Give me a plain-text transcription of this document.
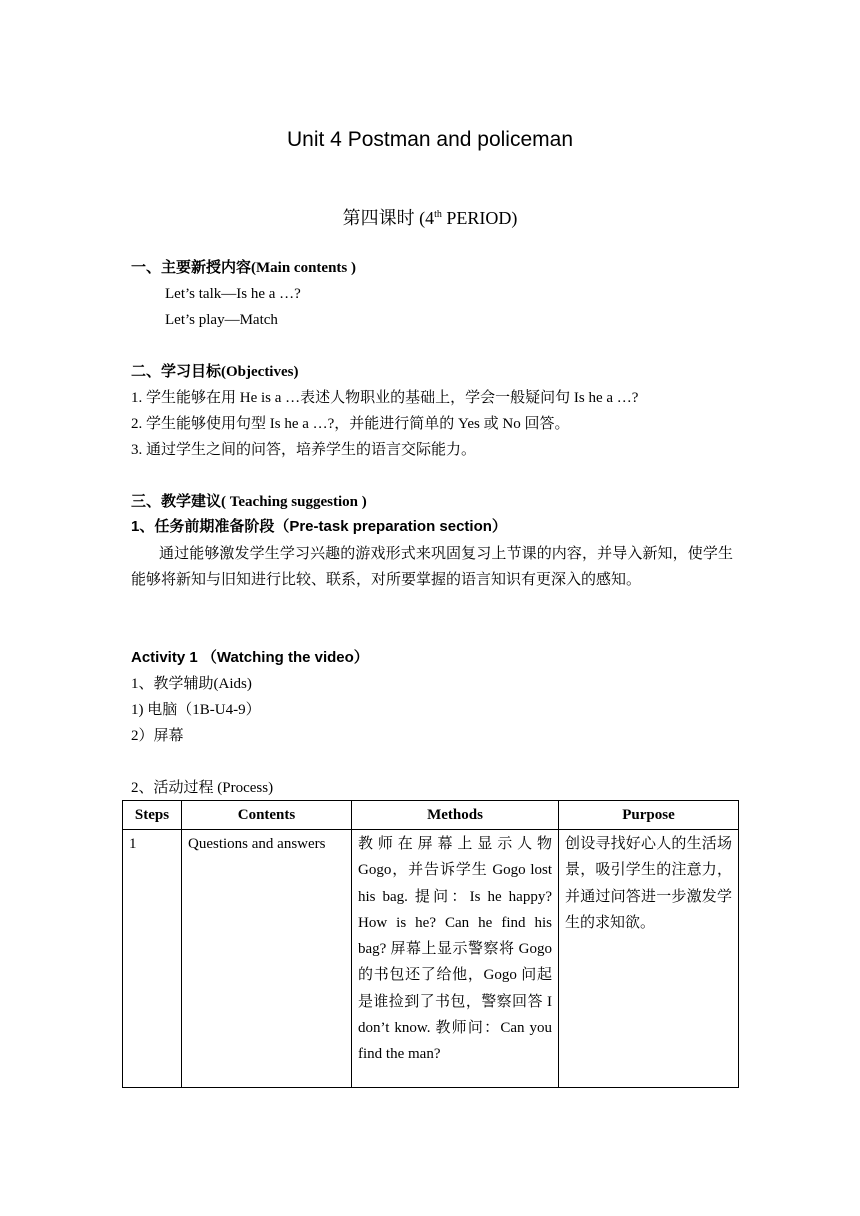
Unit 4 Postman and policeman
第四课时 (4th PERIOD)
一、主要新授内容(Main contents )
Let’s talk—Is he a …?
Let’s play—Match
二、学习目标(Objectives)
1. 学生能够在用 He is a …表述人物职业的基础上，学会一般疑问句 Is he a …?
2. 学生能够使用句型 Is he a …?，并能进行简单的 Yes 或 No 回答。
3. 通过学生之间的问答，培养学生的语言交际能力。
三、教学建议( Teaching suggestion )
1、任务前期准备阶段（Pre-task preparation section）
通过能够激发学生学习兴趣的游戏形式来巩固复习上节课的内容，并导入新知，使学生能够将新知与旧知进行比较、联系，对所要掌握的语言知识有更深入的感知。
Activity 1 （Watching the video）
1、教学辅助(Aids)
1) 电脑（1B-U4-9）
2）屏幕
2、活动过程 (Process)
Steps	Contents	Methods	Purpose
1	Questions and answers	教师在屏幕上显示人物 Gogo，并告诉学生 Gogo lost his bag. 提问：Is he happy? How is he? Can he find his bag? 屏幕上显示警察将 Gogo 的书包还了给他，Gogo 问起是谁捡到了书包，警察回答 I don’t know. 教师问：Can you find the man?	创设寻找好心人的生活场景，吸引学生的注意力，并通过问答进一步激发学生的求知欲。
